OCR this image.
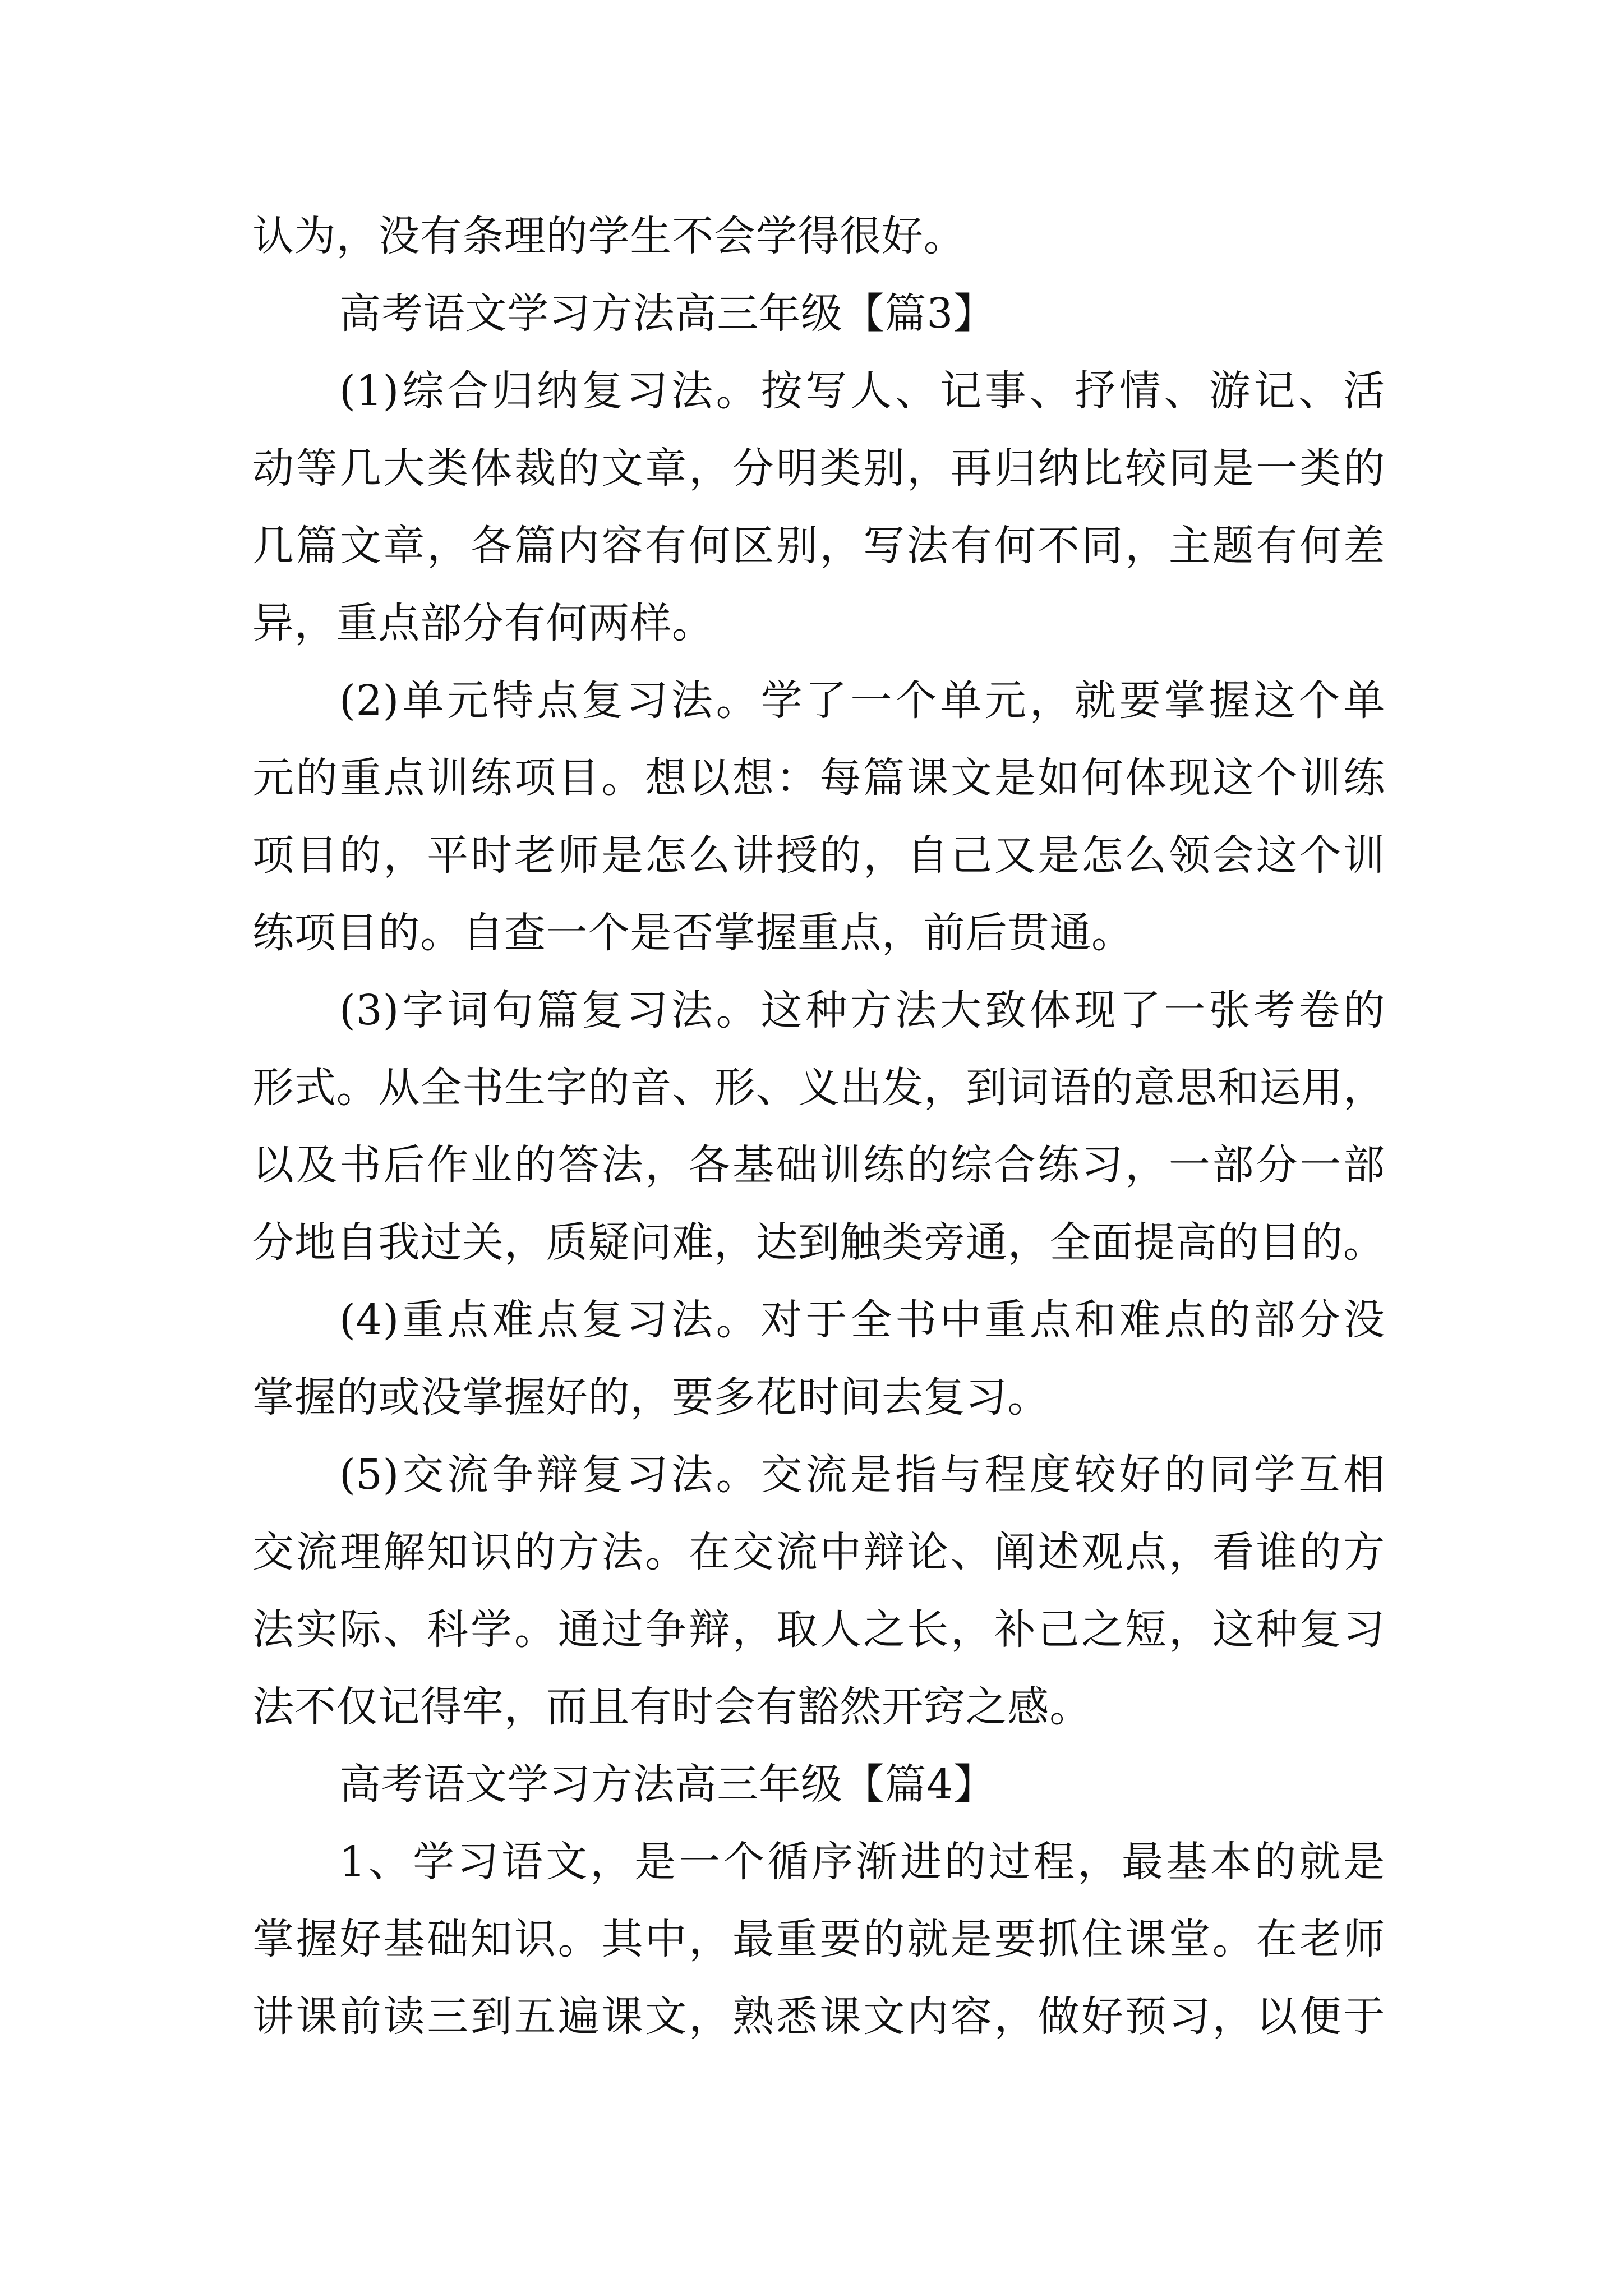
认为，没有条理的学生不会学得很好。

高考语文学习方法高三年级【篇3】

(1)综合归纳复习法。按写人、记事、抒情、游记、活

动等几大类体裁的文章，分明类别，再归纳比较同是一类的

几篇文章，各篇内容有何区别，写法有何不同，主题有何差

异，重点部分有何两样。

(2)单元特点复习法。学了一个单元，就要掌握这个单

元的重点训练项目。想以想：每篇课文是如何体现这个训练

项目的，平时老师是怎么讲授的，自己又是怎么领会这个训

练项目的。自查一个是否掌握重点，前后贯通。

(3)字词句篇复习法。这种方法大致体现了一张考卷的

形式。从全书生字的音、形、义出发，到词语的意思和运用，

以及书后作业的答法，各基础训练的综合练习，一部分一部

分地自我过关，质疑问难，达到触类旁通，全面提高的目的。

(4)重点难点复习法。对于全书中重点和难点的部分没

掌握的或没掌握好的，要多花时间去复习。

(5)交流争辩复习法。交流是指与程度较好的同学互相

交流理解知识的方法。在交流中辩论、阐述观点，看谁的方

法实际、科学。通过争辩，取人之长，补己之短，这种复习

法不仅记得牢，而且有时会有豁然开窍之感。

高考语文学习方法高三年级【篇4】

1、学习语文，是一个循序渐进的过程，最基本的就是

掌握好基础知识。其中，最重要的就是要抓住课堂。在老师

讲课前读三到五遍课文，熟悉课文内容，做好预习，以便于
